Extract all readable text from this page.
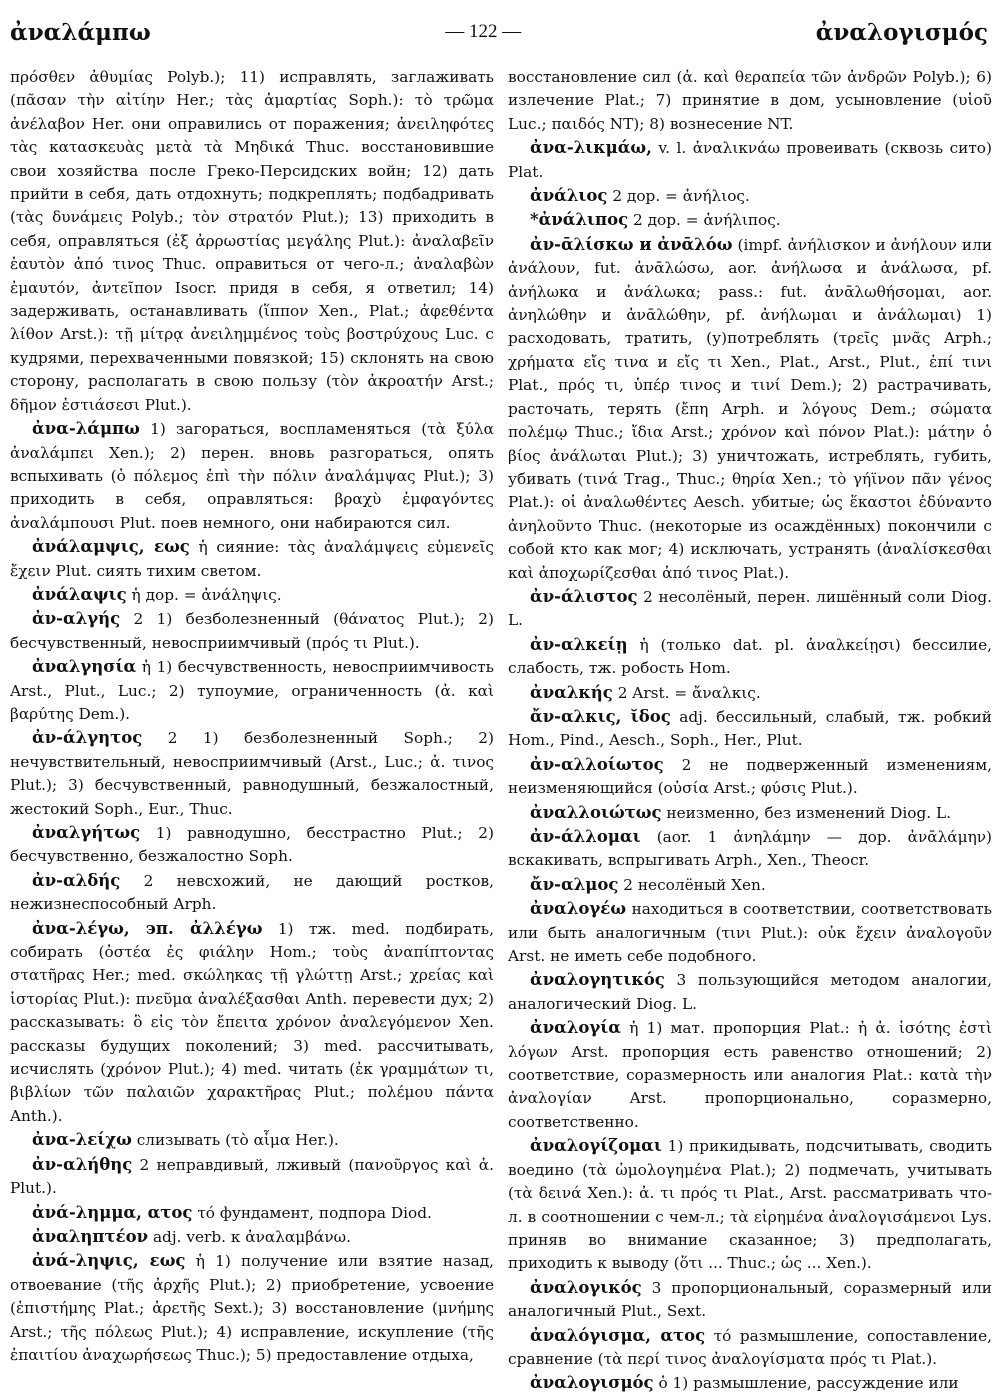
ἀναλάμπω	— 122 —	ἀναλογισμός

πρόσθεν ἀθυμίας Polyb.); 11) исправлять, заглаживать (πᾶσαν τὴν αἰτίην Her.; τὰς ἁμαρτίας Soph.): τὸ τρῶμα ἀνέλαβον Her. они оправились от поражения; ἀνειληφότες τὰς κατασκευὰς μετὰ τὰ Μηδικά Thuc. восстановившие свои хозяйства после Греко-Персидских войн; 12) дать прийти в себя, дать отдохнуть; подкреплять; подбадривать (τὰς δυνάμεις Polyb.; τὸν στρατόν Plut.); 13) приходить в себя, оправляться (ἐξ ἀρρωστίας μεγάλης Plut.): ἀναλαβεῖν ἑαυτὸν ἀπό τινος Thuc. оправиться от чего-л.; ἀναλαβὼν ἐμαυτόν, ἀντεῖπον Isocr. придя в себя, я ответил; 14) задерживать, останавливать (ἵππον Xen., Plat.; ἀφεθέντα λίθον Arst.): τῇ μίτρᾳ ἀνειλημμένος τοὺς βοστρύχους Luc. с кудрями, перехваченными повязкой; 15) склонять на свою сторону, располагать в свою пользу (τὸν ἀκροατήν Arst.; δῆμον ἑστιάσεσι Plut.).

ἀνα-λάμπω 1) загораться, воспламеняться (τὰ ξύλα ἀναλάμπει Xen.); 2) перен. вновь разгораться, опять вспыхивать (ὁ πόλεμος ἐπὶ τὴν πόλιν ἀναλάμψας Plut.); 3) приходить в себя, оправляться: βραχὺ ἐμφαγόντες ἀναλάμπουσι Plut. поев немного, они набираются сил.

ἀνάλαμψις, εως ἡ сияние: τὰς ἀναλάμψεις εὐμενεῖς ἔχειν Plut. сиять тихим светом.

ἀνάλαψις ἡ дор. = ἀνάληψις.

ἀν-αλγής 2 1) безболезненный (θάνατος Plut.); 2) бесчувственный, невосприимчивый (πρός τι Plut.).

ἀναλγησία ἡ 1) бесчувственность, невосприимчивость Arst., Plut., Luc.; 2) тупоумие, ограниченность (ἀ. καὶ βαρύτης Dem.).

ἀν-άλγητος 2 1) безболезненный Soph.; 2) нечувствительный, невосприимчивый (Arst., Luc.; ἀ. τινος Plut.); 3) бесчувственный, равнодушный, безжалостный, жестокий Soph., Eur., Thuc.

ἀναλγήτως 1) равнодушно, бесстрастно Plut.; 2) бесчувственно, безжалостно Soph.

ἀν-αλδής 2 невсхожий, не дающий ростков, нежизнеспособный Arph.

ἀνα-λέγω, эп. ἀλλέγω 1) тж. med. подбирать, собирать (ὀστέα ἐς φιάλην Hom.; τοὺς ἀναπίπτοντας στατῆρας Her.; med. σκώληκας τῇ γλώττῃ Arst.; χρείας καὶ ἱστορίας Plut.): πνεῦμα ἀναλέξασθαι Anth. перевести дух; 2) рассказывать: ὃ εἰς τὸν ἔπειτα χρόνον ἀναλεγόμενον Xen. рассказы будущих поколений; 3) med. рассчитывать, исчислять (χρόνον Plut.); 4) med. читать (ἐκ γραμμάτων τι, βιβλίων τῶν παλαιῶν χαρακτῆρας Plut.; πολέμου πάντα Anth.).

ἀνα-λείχω слизывать (τὸ αἷμα Her.).

ἀν-αλήθης 2 неправдивый, лживый (πανοῦργος καὶ ἀ. Plut.).

ἀνά-λημμα, ατος τό фундамент, подпора Diod.

ἀναληπτέον adj. verb. к ἀναλαμβάνω.

ἀνά-ληψις, εως ἡ 1) получение или взятие назад, отвоевание (τῆς ἀρχῆς Plut.); 2) приобретение, усвоение (ἐπιστήμης Plat.; ἀρετῆς Sext.); 3) восстановление (μνήμης Arst.; τῆς πόλεως Plut.); 4) исправление, искупление (τῆς ἐπαιτίου ἀναχωρήσεως Thuc.); 5) предоставление отдыха,

восстановление сил (ἀ. καὶ θεραπεία τῶν ἀνδρῶν Polyb.); 6) излечение Plat.; 7) принятие в дом, усыновление (υἱοῦ Luc.; παιδός NT); 8) вознесение NT.

ἀνα-λικμάω, v. l. ἀναλικνάω провеивать (сквозь сито) Plat.

ἀνάλιος 2 дор. = ἀνήλιος.

*ἀνάλιπος 2 дор. = ἀνήλιπος.

ἀν-ᾱλίσκω и ἀνᾱλόω (impf. ἀνήλισκον и ἀνήλουν или ἀνάλουν, fut. ἀνᾱλώσω, aor. ἀνήλωσα и ἀνάλωσα, pf. ἀνήλωκα и ἀνάλωκα; pass.: fut. ἀνᾱλωθήσομαι, aor. ἀνηλώθην и ἀνᾱλώθην, pf. ἀνήλωμαι и ἀνάλωμαι) 1) расходовать, тратить, (у)потреблять (τρεῖς μνᾶς Arph.; χρήματα εἴς τινα и εἴς τι Xen., Plat., Arst., Plut., ἐπί τινι Plat., πρός τι, ὑπέρ τινος и τινί Dem.); 2) растрачивать, расточать, терять (ἔπη Arph. и λόγους Dem.; σώματα πολέμῳ Thuc.; ἴδια Arst.; χρόνον καὶ πόνον Plat.): μάτην ὁ βίος ἀνάλωται Plut.); 3) уничтожать, истреблять, губить, убивать (τινά Trag., Thuc.; θηρία Xen.; τὸ γήϊνον πᾶν γένος Plat.): οἱ ἀναλωθέντες Aesch. убитые; ὡς ἕκαστοι ἐδύναντο ἀνηλοῦντο Thuc. (некоторые из осаждённых) покончили с собой кто как мог; 4) исключать, устранять (ἀναλίσκεσθαι καὶ ἀποχωρίζεσθαι ἀπό τινος Plat.).

ἀν-άλιστος 2 несолёный, перен. лишённый соли Diog. L.

ἀν-αλκείῃ ἡ (только dat. pl. ἀναλκείῃσι) бессилие, слабость, тж. робость Hom.

ἀναλκής 2 Arst. = ἄναλκις.

ἄν-αλκις, ῐδος adj. бессильный, слабый, тж. робкий Hom., Pind., Aesch., Soph., Her., Plut.

ἀν-αλλοίωτος 2 не подверженный изменениям, неизменяющийся (οὐσία Arst.; φύσις Plut.).

ἀναλλοιώτως неизменно, без изменений Diog. L.

ἀν-άλλομαι (aor. 1 ἀνηλάμην — дор. ἀνᾱλάμην) вскакивать, вспрыгивать Arph., Xen., Theocr.

ἄν-αλμος 2 несолёный Xen.

ἀναλογέω находиться в соответствии, соответствовать или быть аналогичным (τινι Plut.): οὐκ ἔχειν ἀναλογοῦν Arst. не иметь себе подобного.

ἀναλογητικός 3 пользующийся методом аналогии, аналогический Diog. L.

ἀναλογία ἡ 1) мат. пропорция Plat.: ἡ ἀ. ἰσότης ἐστὶ λόγων Arst. пропорция есть равенство отношений; 2) соответствие, соразмерность или аналогия Plat.: κατὰ τὴν ἀναλογίαν Arst. пропорционально, соразмерно, соответственно.

ἀναλογίζομαι 1) прикидывать, подсчитывать, сводить воедино (τὰ ὡμολογημένα Plat.); 2) подмечать, учитывать (τὰ δεινά Xen.): ἀ. τι πρός τι Plat., Arst. рассматривать что-л. в соотношении с чем-л.; τὰ εἰρημένα ἀναλογισάμενοι Lys. приняв во внимание сказанное; 3) предполагать, приходить к выводу (ὅτι ... Thuc.; ὡς ... Xen.).

ἀναλογικός 3 пропорциональный, соразмерный или аналогичный Plut., Sext.

ἀναλόγισμα, ατος τό размышление, сопоставление, сравнение (τὰ περί τινος ἀναλογίσματα πρός τι Plat.).

ἀναλογισμός ὁ 1) размышление, рассуждение или
